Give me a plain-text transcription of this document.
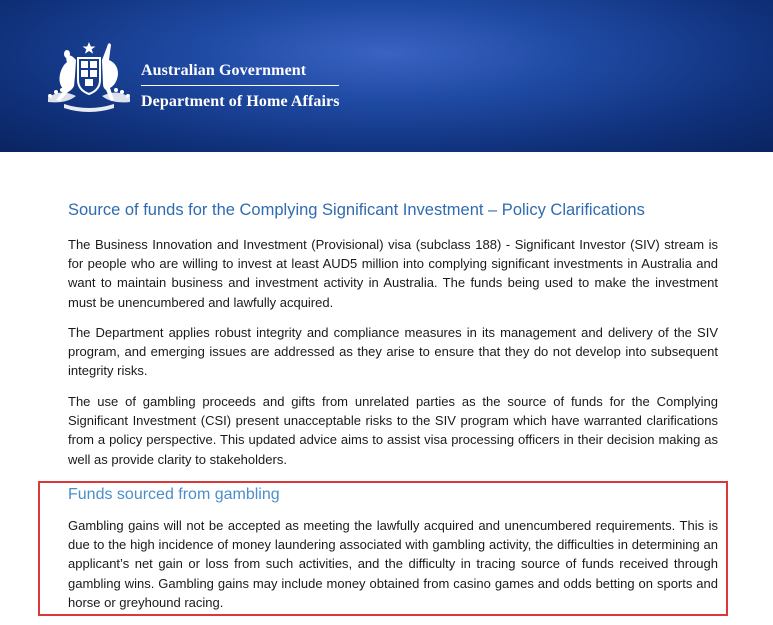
Australian Government
Department of Home Affairs
Source of funds for the Complying Significant Investment – Policy Clarifications

The Business Innovation and Investment (Provisional) visa (subclass 188) - Significant Investor (SIV) stream is for people who are willing to invest at least AUD5 million into complying significant investments in Australia and want to maintain business and investment activity in Australia. The funds being used to make the investment must be unencumbered and lawfully acquired.

The Department applies robust integrity and compliance measures in its management and delivery of the SIV program, and emerging issues are addressed as they arise to ensure that they do not develop into subsequent integrity risks.

The use of gambling proceeds and gifts from unrelated parties as the source of funds for the Complying Significant Investment (CSI) present unacceptable risks to the SIV program which have warranted clarifications from a policy perspective. This updated advice aims to assist visa processing officers in their decision making as well as provide clarity to stakeholders.

Funds sourced from gambling

Gambling gains will not be accepted as meeting the lawfully acquired and unencumbered requirements. This is due to the high incidence of money laundering associated with gambling activity, the difficulties in determining an applicant’s net gain or loss from such activities, and the difficulty in tracing source of funds received through gambling wins. Gambling gains may include money obtained from casino games and odds betting on sports and horse or greyhound racing.
